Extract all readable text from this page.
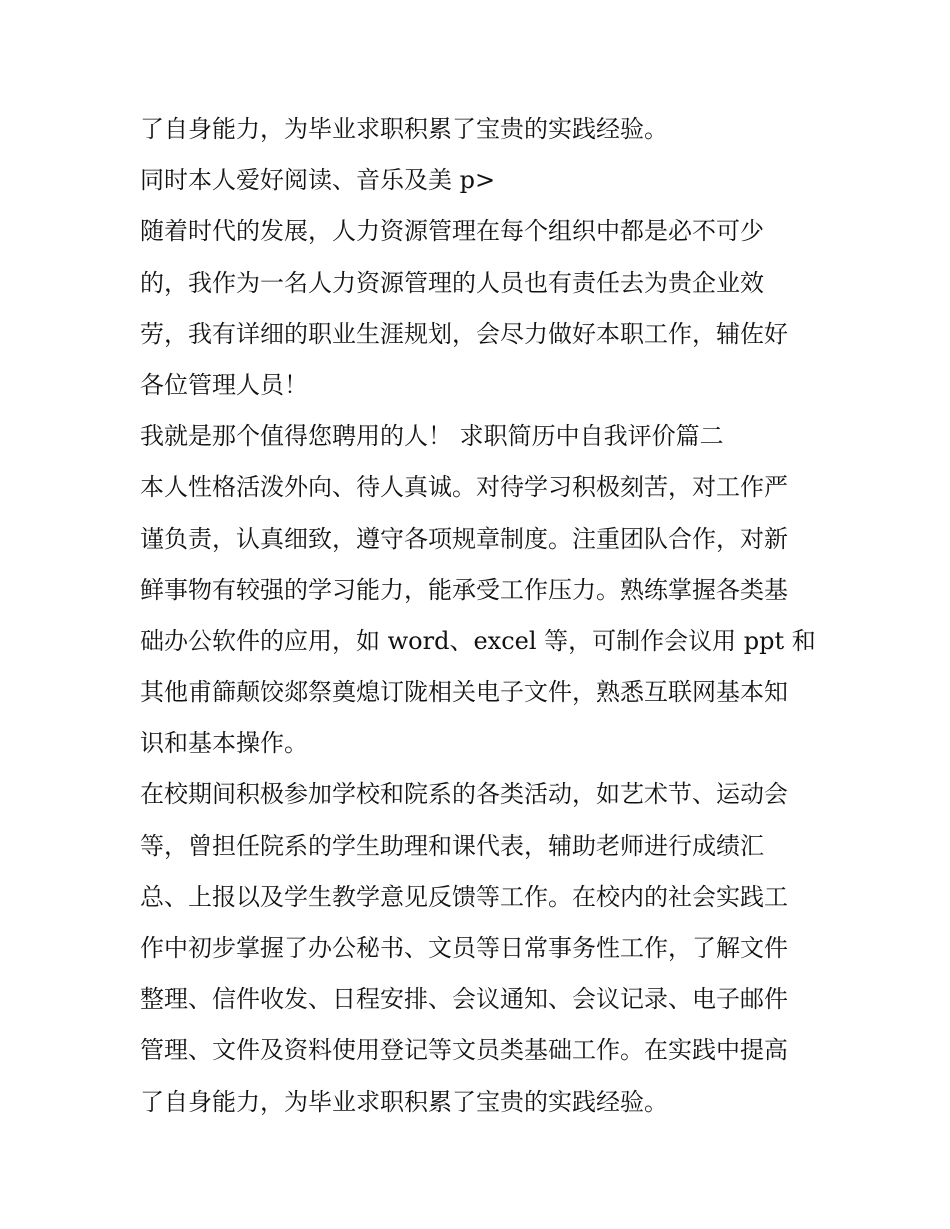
了自身能力，为毕业求职积累了宝贵的实践经验。
同时本人爱好阅读、音乐及美 p>
随着时代的发展，人力资源管理在每个组织中都是必不可少
的，我作为一名人力资源管理的人员也有责任去为贵企业效
劳，我有详细的职业生涯规划，会尽力做好本职工作，辅佐好
各位管理人员！
我就是那个值得您聘用的人！ 求职简历中自我评价篇二
本人性格活泼外向、待人真诚。对待学习积极刻苦，对工作严
谨负责，认真细致，遵守各项规章制度。注重团队合作，对新
鲜事物有较强的学习能力，能承受工作压力。熟练掌握各类基
础办公软件的应用，如 word、excel 等，可制作会议用 ppt 和
其他甫篩颠饺郯祭奠熄订陇相关电子文件，熟悉互联网基本知
识和基本操作。
在校期间积极参加学校和院系的各类活动，如艺术节、运动会
等，曾担任院系的学生助理和课代表，辅助老师进行成绩汇
总、上报以及学生教学意见反馈等工作。在校内的社会实践工
作中初步掌握了办公秘书、文员等日常事务性工作，了解文件
整理、信件收发、日程安排、会议通知、会议记录、电子邮件
管理、文件及资料使用登记等文员类基础工作。在实践中提高
了自身能力，为毕业求职积累了宝贵的实践经验。
